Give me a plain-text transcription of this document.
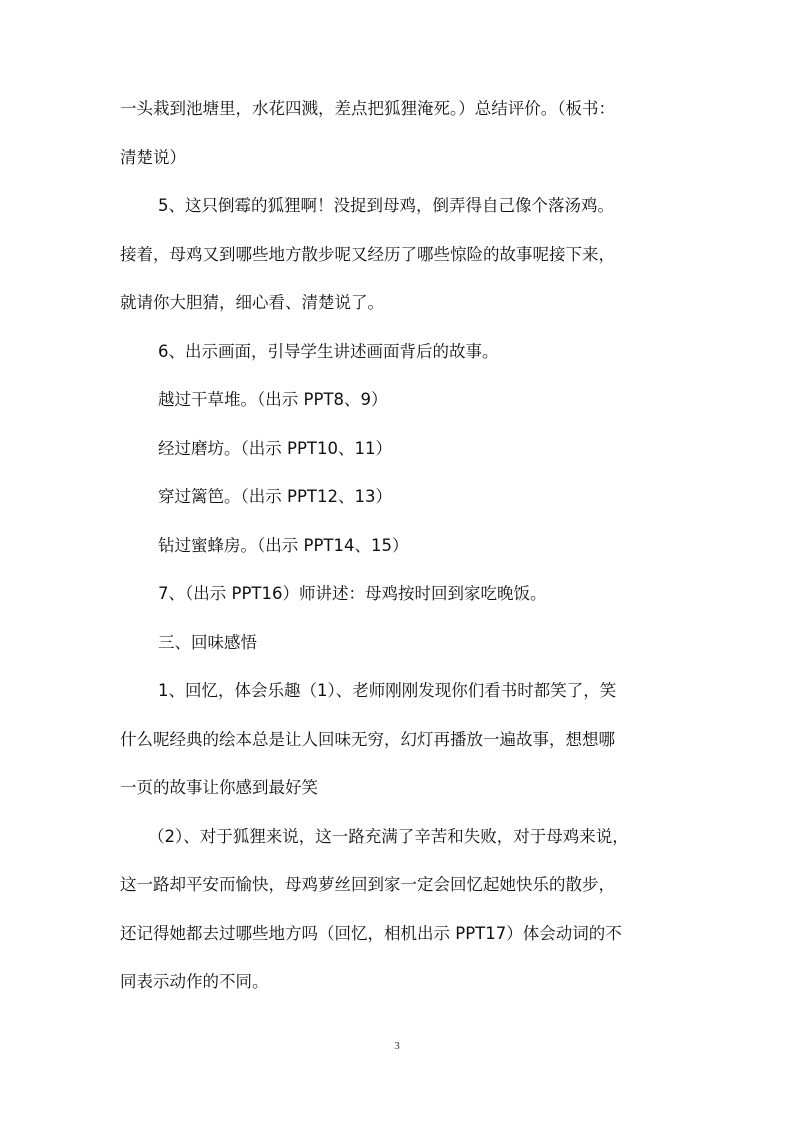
一头栽到池塘里，水花四溅，差点把狐狸淹死。）总结评价。（板书：

清楚说）

5、这只倒霉的狐狸啊！没捉到母鸡，倒弄得自己像个落汤鸡。

接着，母鸡又到哪些地方散步呢又经历了哪些惊险的故事呢接下来，

就请你大胆猜，细心看、清楚说了。

6、出示画面，引导学生讲述画面背后的故事。

越过干草堆。（出示 PPT8、9）

经过磨坊。（出示 PPT10、11）

穿过篱笆。（出示 PPT12、13）

钻过蜜蜂房。（出示 PPT14、15）

7、（出示 PPT16）师讲述：母鸡按时回到家吃晚饭。

三、回味感悟

1、回忆，体会乐趣（1）、老师刚刚发现你们看书时都笑了，笑

什么呢经典的绘本总是让人回味无穷，幻灯再播放一遍故事，想想哪

一页的故事让你感到最好笑

（2）、对于狐狸来说，这一路充满了辛苦和失败，对于母鸡来说，

这一路却平安而愉快，母鸡萝丝回到家一定会回忆起她快乐的散步，

还记得她都去过哪些地方吗（回忆，相机出示 PPT17）体会动词的不

同表示动作的不同。

3
